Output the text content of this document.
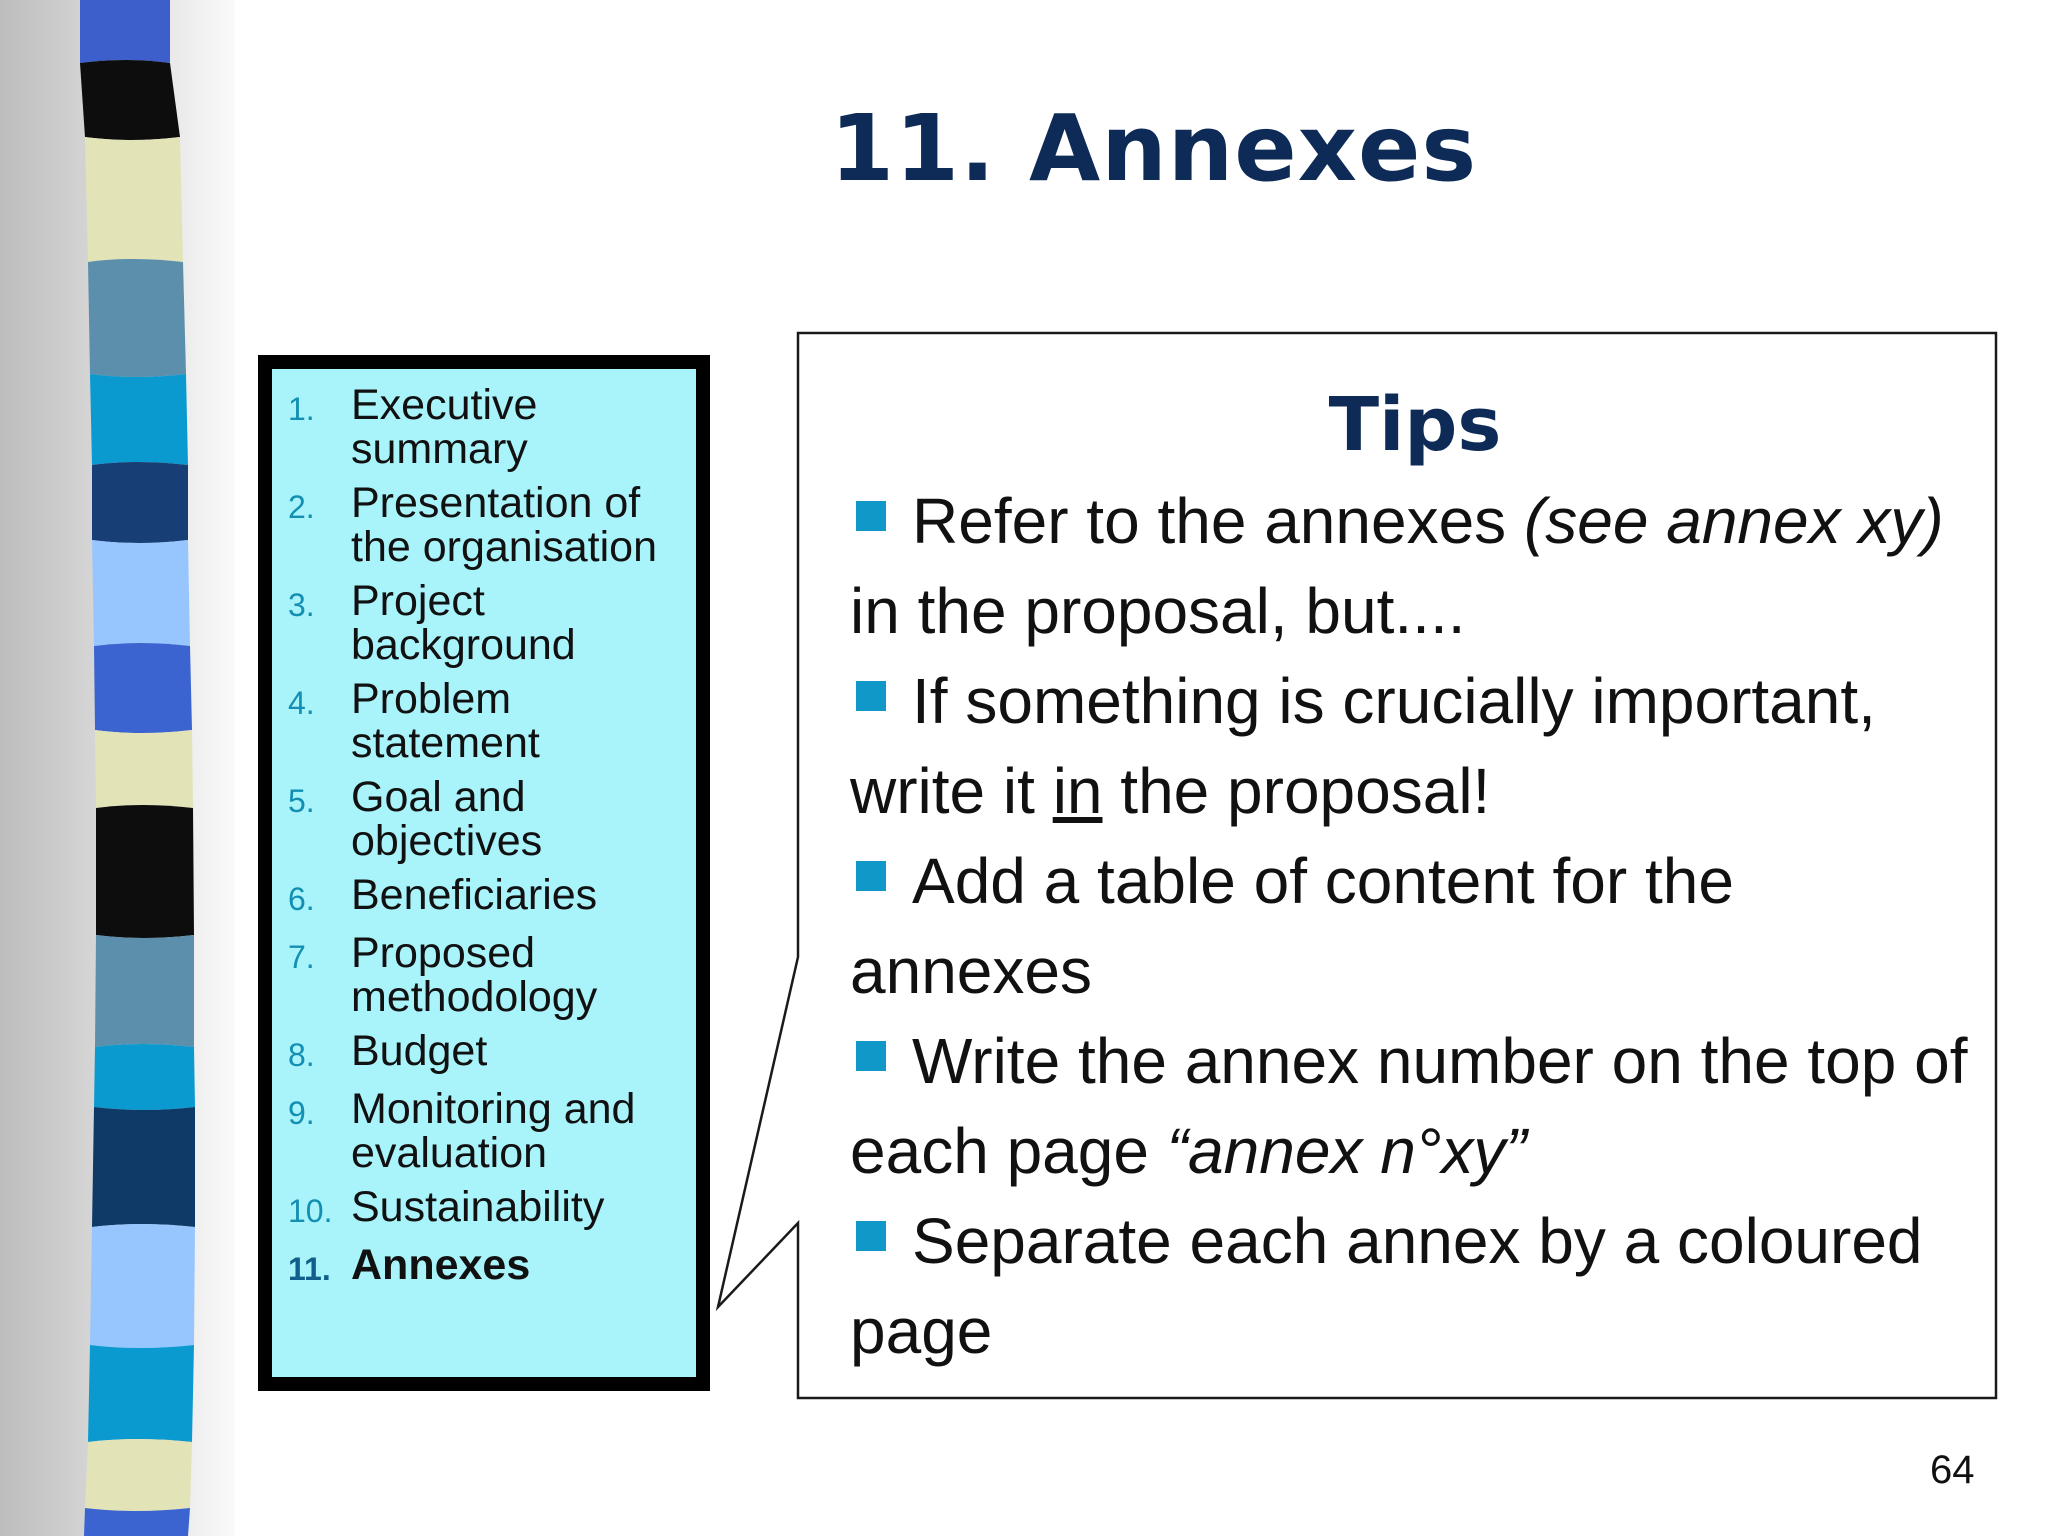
11. Annexes
1. Executive summary
2. Presentation of the organisation
3. Project background
4. Problem statement
5. Goal and objectives
6. Beneficiaries
7. Proposed methodology
8. Budget
9. Monitoring and evaluation
10. Sustainability
11. Annexes
Tips
Refer to the annexes (see annex xy) in the proposal, but....
If something is crucially important, write it in the proposal!
Add a table of content for the annexes
Write the annex number on the top of each page “annex n°xy”
Separate each annex by a coloured page
64
